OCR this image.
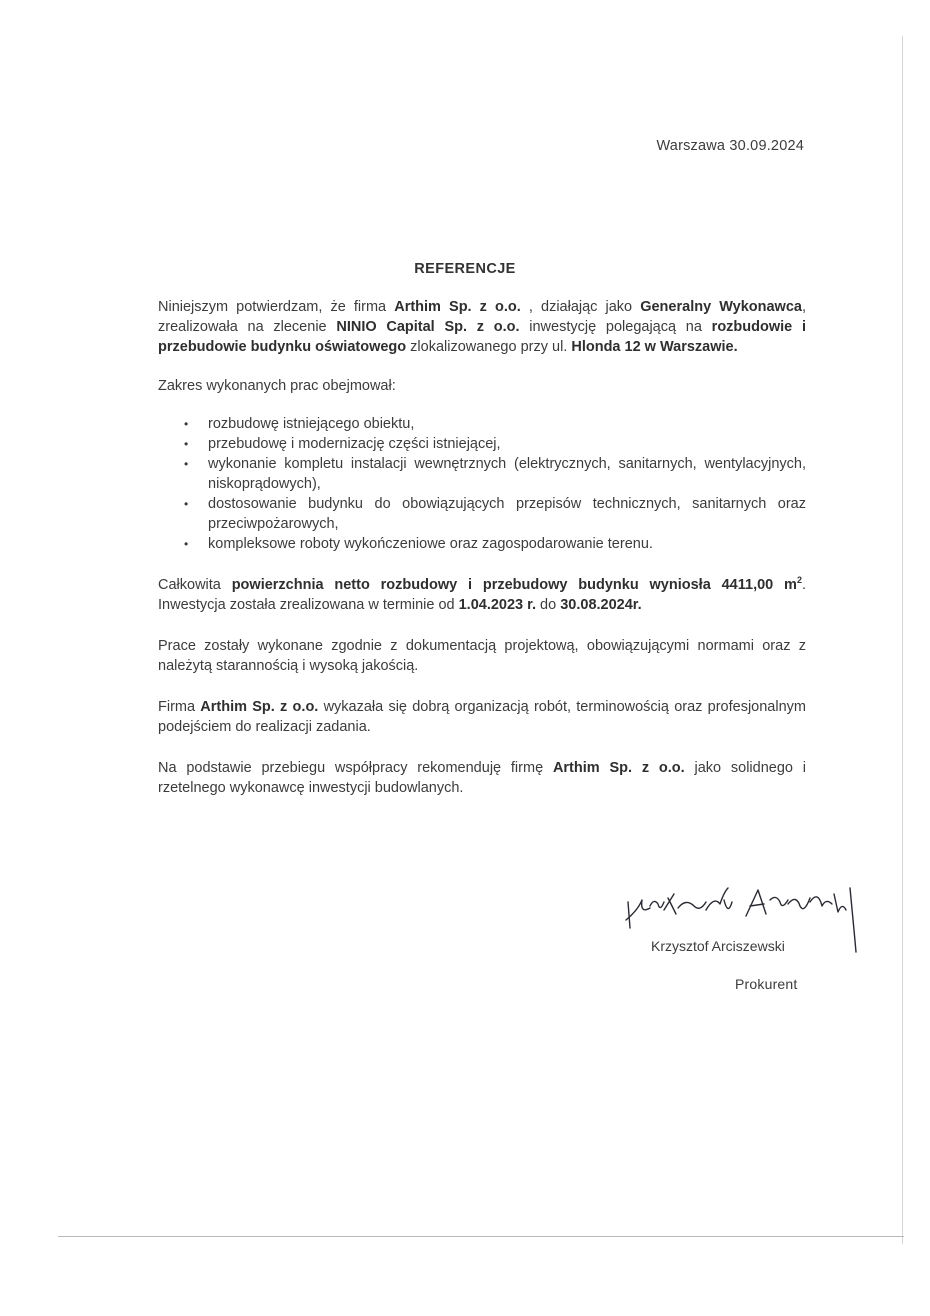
Warszawa 30.09.2024
REFERENCJE

Niniejszym potwierdzam, że firma Arthim Sp. z o.o. , działając jako Generalny Wykonawca, zrealizowała na zlecenie NINIO Capital Sp. z o.o. inwestycję polegającą na rozbudowie i przebudowie budynku oświatowego zlokalizowanego przy ul. Hlonda 12 w Warszawie.

Zakres wykonanych prac obejmował:

• rozbudowę istniejącego obiektu,
• przebudowę i modernizację części istniejącej,
• wykonanie kompletu instalacji wewnętrznych (elektrycznych, sanitarnych, wentylacyjnych, niskoprądowych),
• dostosowanie budynku do obowiązujących przepisów technicznych, sanitarnych oraz przeciwpożarowych,
• kompleksowe roboty wykończeniowe oraz zagospodarowanie terenu.

Całkowita powierzchnia netto rozbudowy i przebudowy budynku wyniosła 4411,00 $m^2$. Inwestycja została zrealizowana w terminie od 1.04.2023 r. do 30.08.2024r.

Prace zostały wykonane zgodnie z dokumentacją projektową, obowiązującymi normami oraz z należytą starannością i wysoką jakością.

Firma Arthim Sp. z o.o. wykazała się dobrą organizacją robót, terminowością oraz profesjonalnym podejściem do realizacji zadania.

Na podstawie przebiegu współpracy rekomenduję firmę Arthim Sp. z o.o. jako solidnego i rzetelnego wykonawcę inwestycji budowlanych.

Krzysztof Arciszewski
Prokurent
